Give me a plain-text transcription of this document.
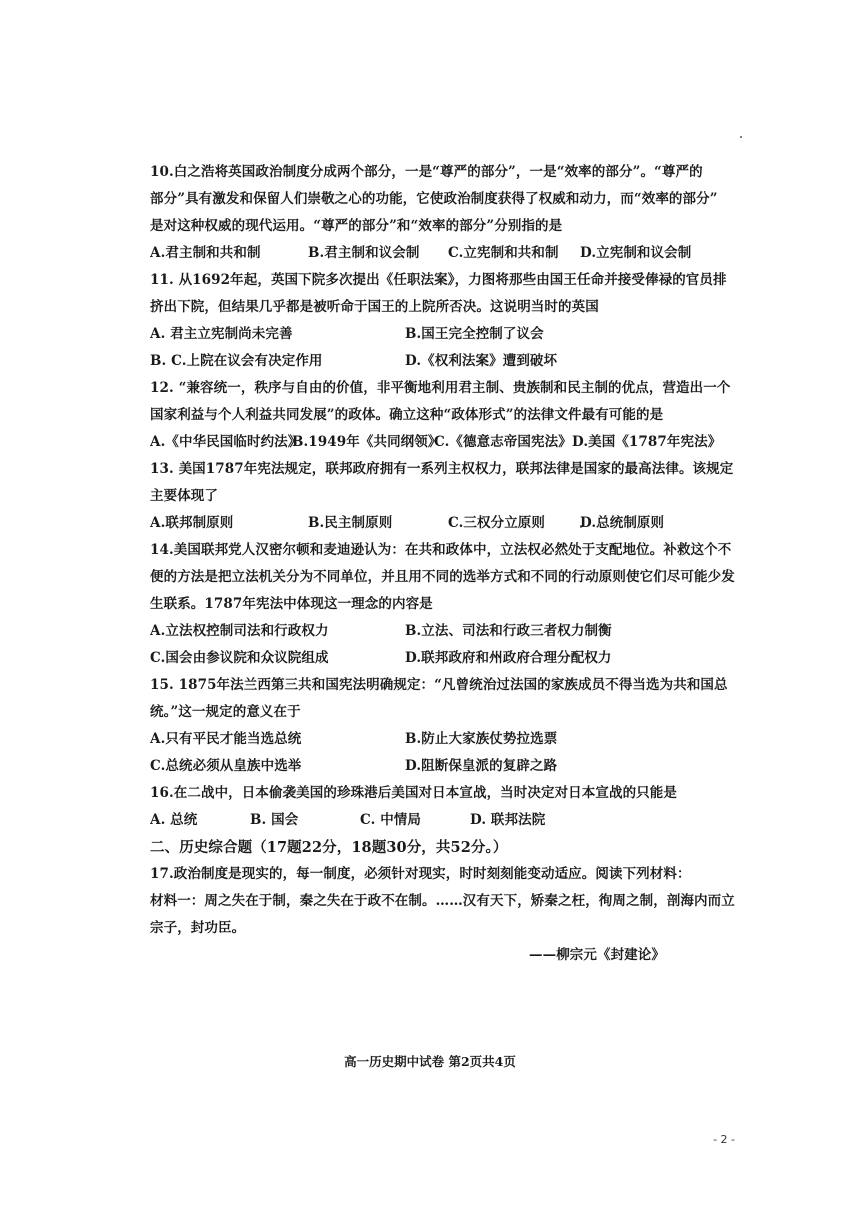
10.白之浩将英国政治制度分成两个部分，一是“尊严的部分”，一是“效率的部分”。“尊严的
部分”具有激发和保留人们崇敬之心的功能，它使政治制度获得了权威和动力，而“效率的部分”
是对这种权威的现代运用。“尊严的部分”和“效率的部分”分别指的是
A.君主制和共和制	B.君主制和议会制	C.立宪制和共和制	D.立宪制和议会制
11. 从1692年起，英国下院多次提出《任职法案》，力图将那些由国王任命并接受俸禄的官员排
挤出下院，但结果几乎都是被听命于国王的上院所否决。这说明当时的英国
A. 君主立宪制尚未完善	B.国王完全控制了议会
B. C.上院在议会有决定作用	D.《权利法案》遭到破坏
12. “兼容统一，秩序与自由的价值，非平衡地利用君主制、贵族制和民主制的优点，营造出一个
国家利益与个人利益共同发展”的政体。确立这种“政体形式”的法律文件最有可能的是
A.《中华民国临时约法》
B.1949年《共同纲领》
C.《德意志帝国宪法》 D.美国《1787年宪法》
13. 美国1787年宪法规定，联邦政府拥有一系列主权权力，联邦法律是国家的最高法律。该规定
主要体现了
A.联邦制原则	B.民主制原则	C.三权分立原则	D.总统制原则
14.美国联邦党人汉密尔顿和麦迪逊认为：在共和政体中，立法权必然处于支配地位。补救这个不
便的方法是把立法机关分为不同单位，并且用不同的选举方式和不同的行动原则使它们尽可能少发
生联系。1787年宪法中体现这一理念的内容是
A.立法权控制司法和行政权力	B.立法、司法和行政三者权力制衡
C.国会由参议院和众议院组成	D.联邦政府和州政府合理分配权力
15. 1875年法兰西第三共和国宪法明确规定：“凡曾统治过法国的家族成员不得当选为共和国总
统。”这一规定的意义在于
A.只有平民才能当选总统	B.防止大家族仗势拉选票
C.总统必须从皇族中选举	D.阻断保皇派的复辟之路
16.在二战中，日本偷袭美国的珍珠港后美国对日本宣战，当时决定对日本宣战的只能是
A. 总统	B. 国会	C. 中情局	D. 联邦法院
二、历史综合题（17题22分，18题30分，共52分。）
17.政治制度是现实的，每一制度，必须针对现实，时时刻刻能变动适应。阅读下列材料：
材料一：周之失在于制，秦之失在于政不在制。……汉有天下，矫秦之枉，徇周之制，剖海内而立
宗子，封功臣。
——柳宗元《封建论》
高一历史期中试卷 第2页共4页
- 2 -
